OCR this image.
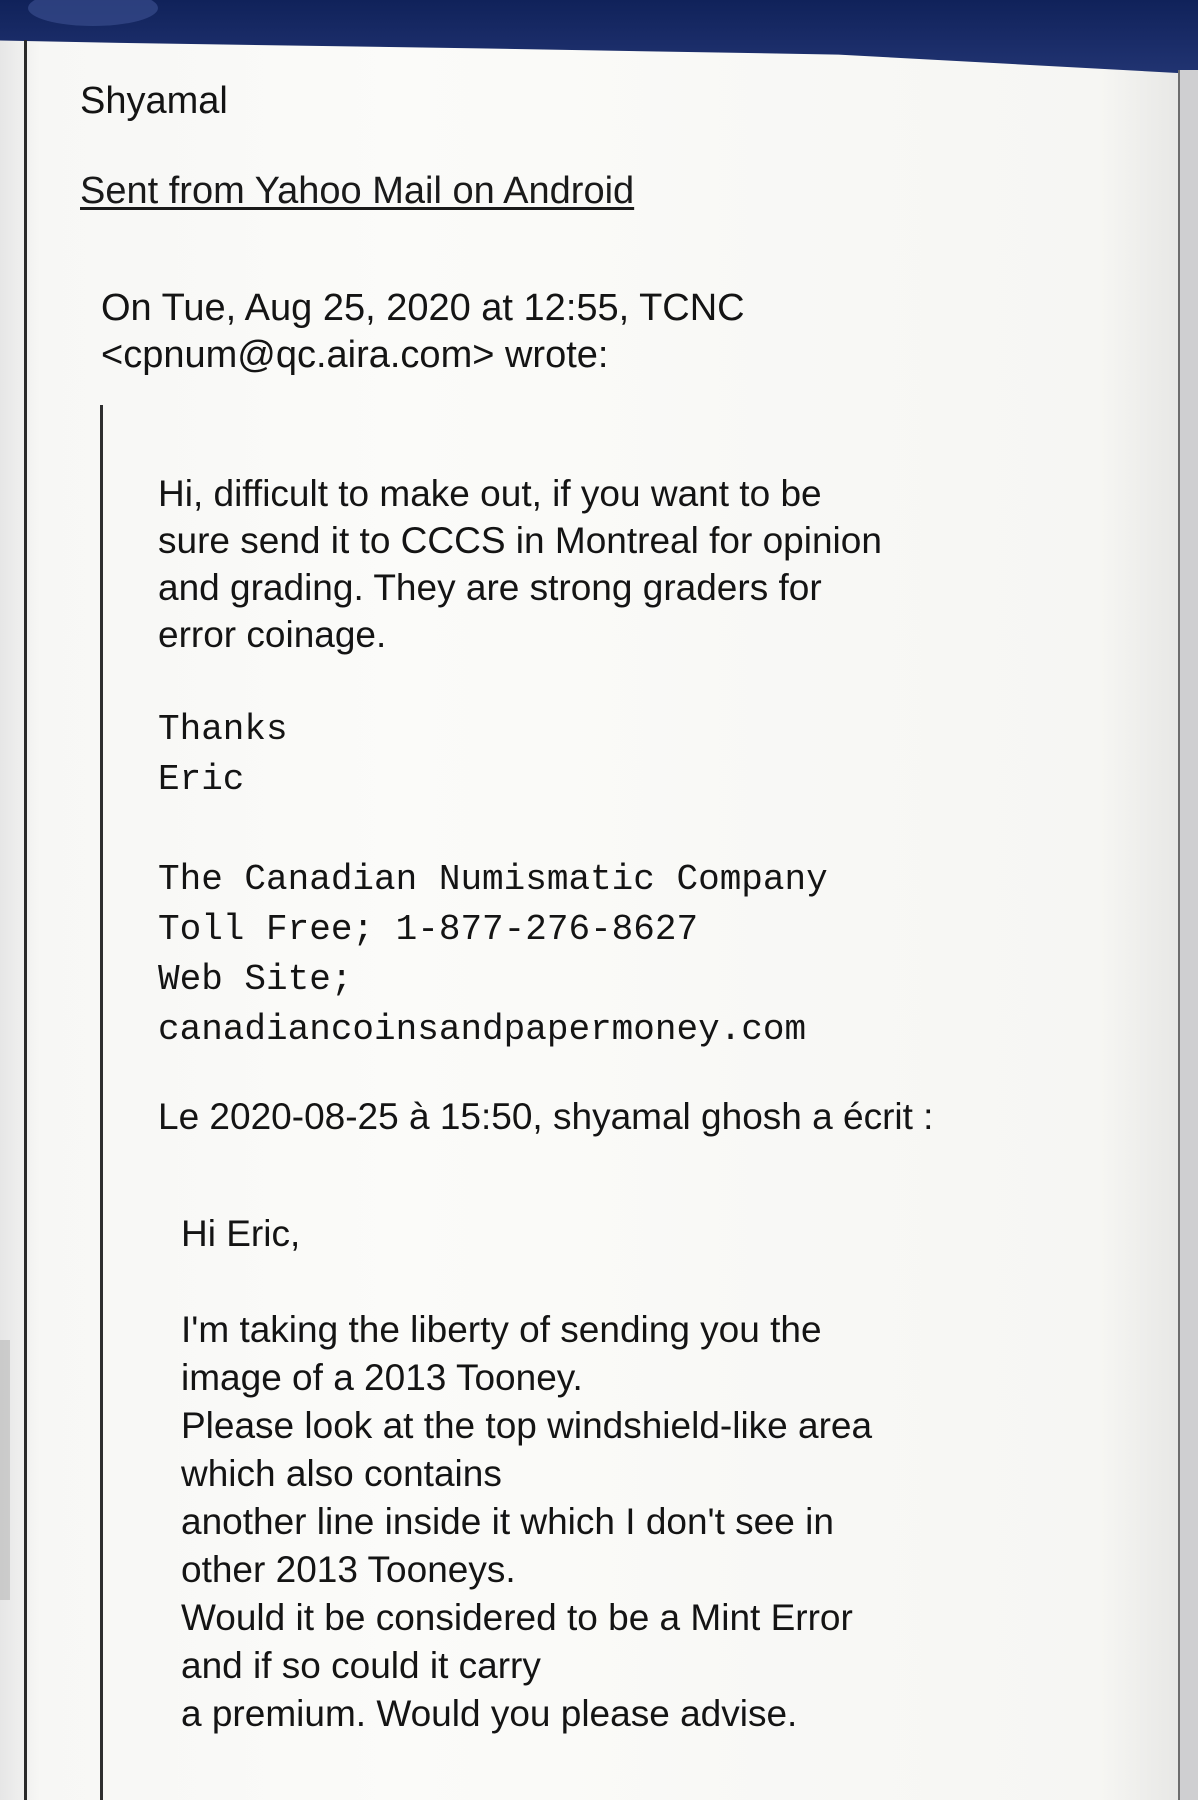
Shyamal

Sent from Yahoo Mail on Android

On Tue, Aug 25, 2020 at 12:55, TCNC
<cpnum@qc.aira.com> wrote:
Hi, difficult to make out, if you want to be
sure send it to CCCS in Montreal for opinion
and grading. They are strong graders for
error coinage.
Thanks
Eric
The Canadian Numismatic Company
Toll Free; 1-877-276-8627
Web Site;
canadiancoinsandpapermoney.com
Le 2020-08-25 à 15:50, shyamal ghosh a écrit :
Hi Eric,
I'm taking the liberty of sending you the
image of a 2013 Tooney.
Please look at the top windshield-like area
which also contains
another line inside it which I don't see in
other 2013 Tooneys.
Would it be considered to be a Mint Error
and if so could it carry
a premium. Would you please advise.
